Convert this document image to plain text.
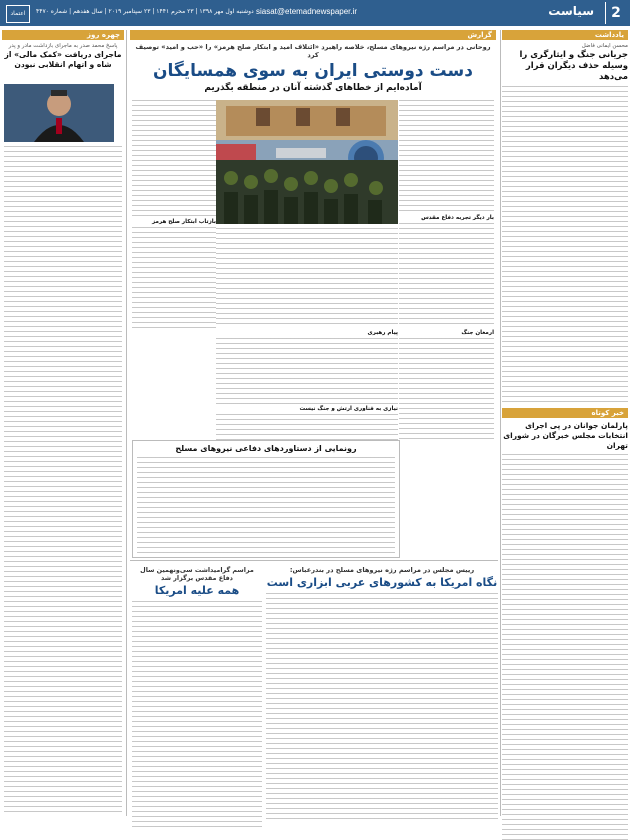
2
سیاست
siasat@etemadnewspaper.ir
دوشنبه اول مهر ۱۳۹۸ | ۲۳ محرم ۱۴۴۱ | ۲۳ سپتامبر ۲۰۱۹ | سال هفدهم | شماره ۴۴۷۰
اعتماد
یادداشت
محسن ایمانی فاضل
جریانی جنگ و ایثارگری را وسیله حذف دیگران قرار می‌دهد
خبر کوتاه
پارلمان جوانان در پی اجرای انتخابات مجلس خبرگان در شورای تهران
گزارش
روحانی در مراسم رژه نیروهای مسلح، خلاصه راهبرد «ائتلاف امید و ابتکار صلح هرمز» را «حب و امید» توصیف کرد
دست دوستی ایران به سوی همسایگان
آماده‌ایم از خطاهای گذشته آنان در منطقه بگذریم
بار دیگر تجربه دفاع مقدس
ارمغان جنگ
بازتاب ابتکار صلح هرمز
پیام رهبری
نیازی به فناوری ارتش و جنگ نیست
رونمایی از دستاوردهای دفاعی نیروهای مسلح
رییس مجلس در مراسم رژه نیروهای مسلح در بندرعباس:
نگاه امریکا به کشورهای عربی ابزاری است
مراسم گرامیداشت سی‌ونهمین سال دفاع مقدس برگزار شد
همه علیه امریکا
چهره روز
پاسخ محمد صدر به ماجرای بازداشت مادر و پدر
ماجرای دریافت «کمک مالی» از شاه و اتهام انقلابی نبودن
